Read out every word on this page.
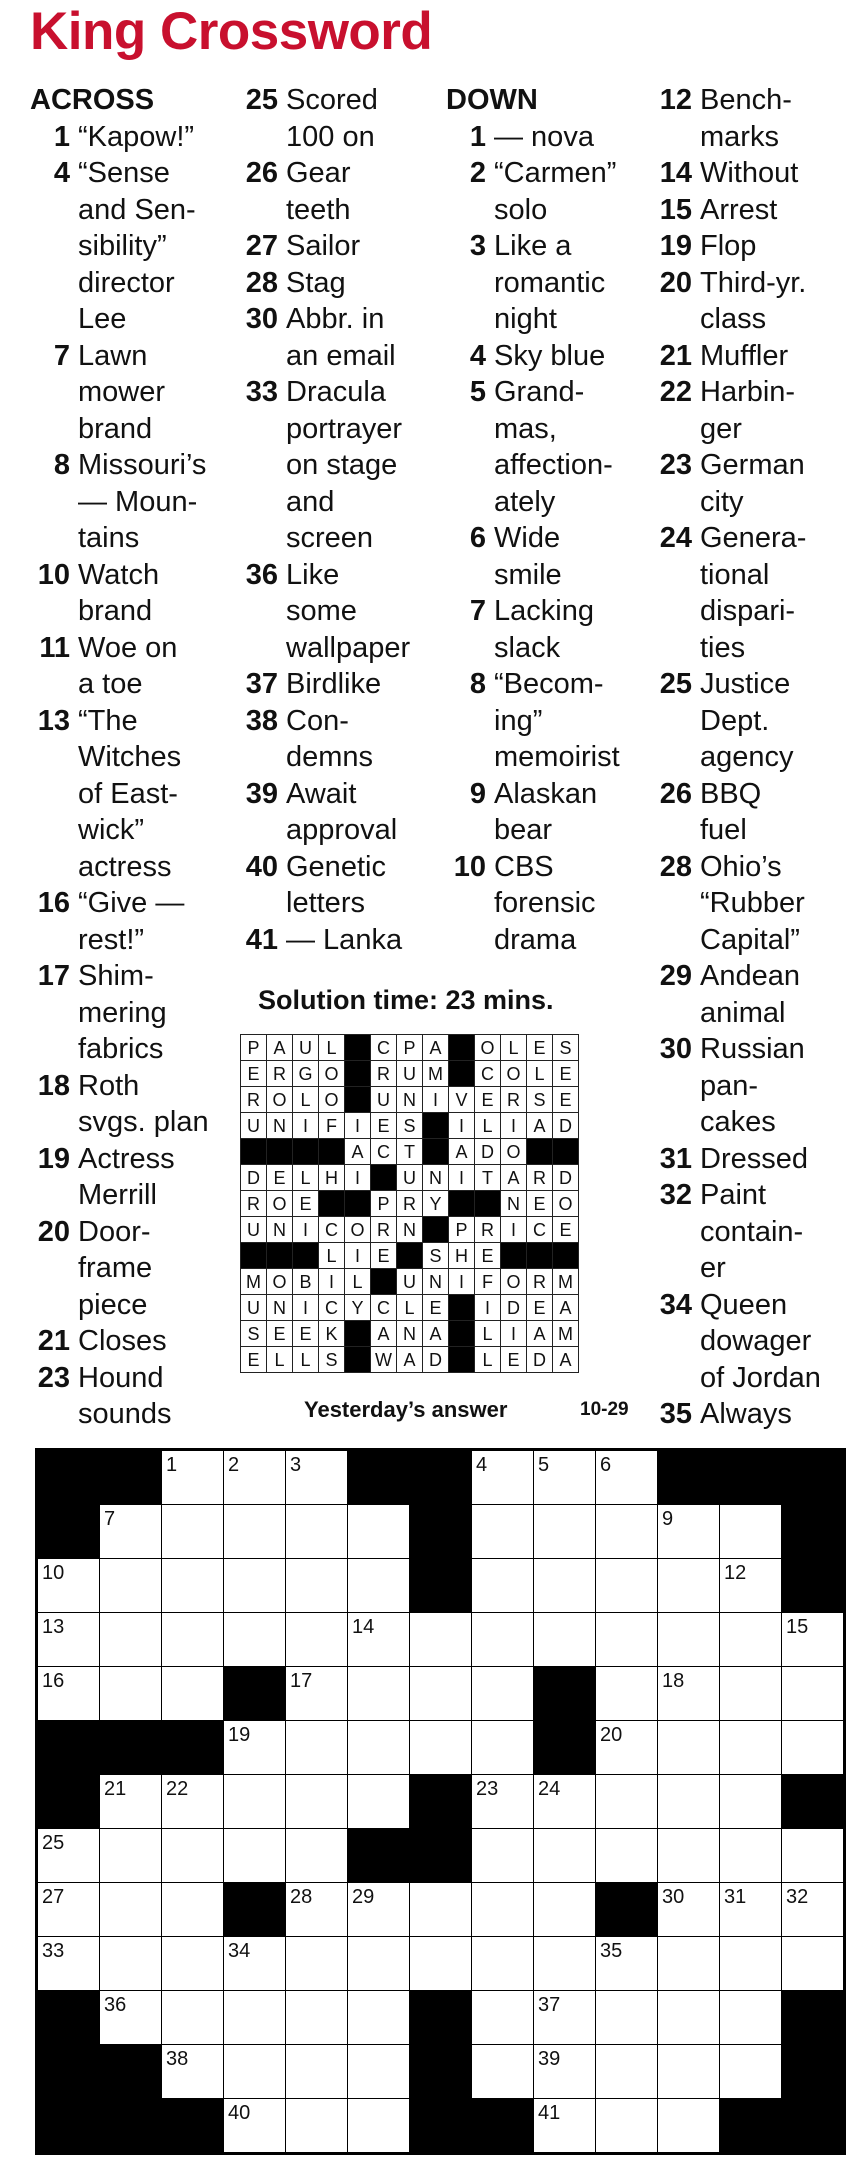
King Crossword
ACROSS
1 “Kapow!”
4 “Sense
and Sen-
sibility”
director
Lee
7 Lawn
mower
brand
8 Missouri’s
— Moun-
tains
10 Watch
brand
11 Woe on
a toe
13 “The
Witches
of East-
wick”
actress
16 “Give —
rest!”
17 Shim-
mering
fabrics
18 Roth
svgs. plan
19 Actress
Merrill
20 Door-
frame
piece
21 Closes
23 Hound
sounds
25 Scored
100 on
26 Gear
teeth
27 Sailor
28 Stag
30 Abbr. in
an email
33 Dracula
portrayer
on stage
and
screen
36 Like
some
wallpaper
37 Birdlike
38 Con-
demns
39 Await
approval
40 Genetic
letters
41 — Lanka
DOWN
1 — nova
2 “Carmen”
solo
3 Like a
romantic
night
4 Sky blue
5 Grand-
mas,
affection-
ately
6 Wide
smile
7 Lacking
slack
8 “Becom-
ing”
memoirist
9 Alaskan
bear
10 CBS
forensic
drama
12 Bench-
marks
14 Without
15 Arrest
19 Flop
20 Third-yr.
class
21 Muffler
22 Harbin-
ger
23 German
city
24 Genera-
tional
dispari-
ties
25 Justice
Dept.
agency
26 BBQ
fuel
28 Ohio’s
“Rubber
Capital”
29 Andean
animal
30 Russian
pan-
cakes
31 Dressed
32 Paint
contain-
er
34 Queen
dowager
of Jordan
35 Always
Solution time: 23 mins.
P	A	U	L		C	P	A		O	L	E	S
E	R	G	O		R	U	M		C	O	L	E
R	O	L	O		U	N	I	V	E	R	S	E
U	N	I	F	I	E	S		I	L	I	A	D
				A	C	T		A	D	O		
D	E	L	H	I		U	N	I	T	A	R	D
R	O	E			P	R	Y			N	E	O
U	N	I	C	O	R	N		P	R	I	C	E
			L	I	E		S	H	E			
M	O	B	I	L		U	N	I	F	O	R	M
U	N	I	C	Y	C	L	E		I	D	E	A
S	E	E	K		A	N	A		L	I	A	M
E	L	L	S		W	A	D		L	E	D	A
Yesterday’s answer	10-29

		1	2	3			4	5	6			

	7									9		

10											12	

13					14							15

16				17						18		

			19						20			

	21	22					23	24				

25												

27				28	29					30	31	32

33			34						35			

	36							37				

		38						39				

			40					41				
